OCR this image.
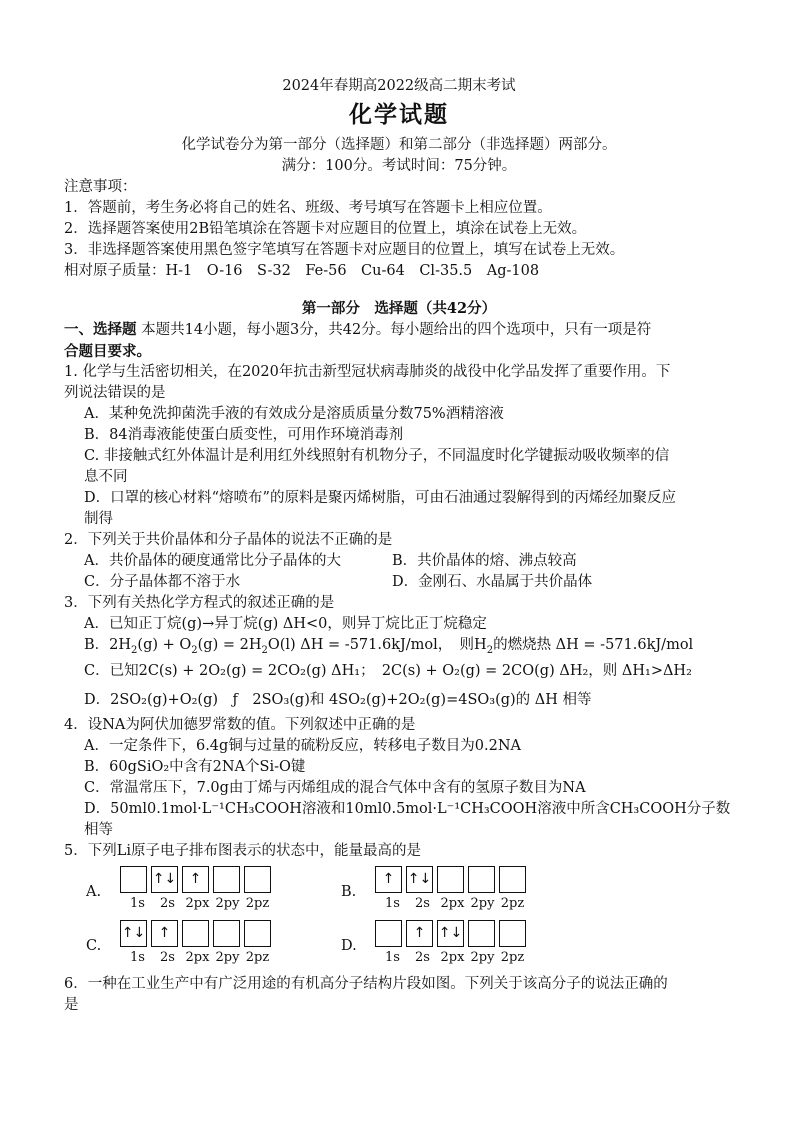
2024年春期高2022级高二期末考试
化学试题
化学试卷分为第一部分（选择题）和第二部分（非选择题）两部分。
满分：100分。考试时间：75分钟。
注意事项：
1．答题前，考生务必将自己的姓名、班级、考号填写在答题卡上相应位置。
2．选择题答案使用2B铅笔填涂在答题卡对应题目的位置上，填涂在试卷上无效。
3．非选择题答案使用黑色签字笔填写在答题卡对应题目的位置上，填写在试卷上无效。
相对原子质量：H-1　O-16　S-32　Fe-56　Cu-64　Cl-35.5　Ag-108
第一部分　选择题（共42分）
一、选择题 本题共14小题，每小题3分，共42分。每小题给出的四个选项中，只有一项是符
合题目要求。
1. 化学与生活密切相关，在2020年抗击新型冠状病毒肺炎的战役中化学品发挥了重要作用。下
列说法错误的是
A．某种免洗抑菌洗手液的有效成分是溶质质量分数75%酒精溶液
B．84消毒液能使蛋白质变性，可用作环境消毒剂
C. 非接触式红外体温计是利用红外线照射有机物分子，不同温度时化学键振动吸收频率的信
息不同
D．口罩的核心材料“熔喷布”的原料是聚丙烯树脂，可由石油通过裂解得到的丙烯经加聚反应
制得
2．下列关于共价晶体和分子晶体的说法不正确的是
A．共价晶体的硬度通常比分子晶体的大	B．共价晶体的熔、沸点较高
C．分子晶体都不溶于水	D．金刚石、水晶属于共价晶体
3．下列有关热化学方程式的叙述正确的是
A．已知正丁烷(g)→异丁烷(g) ΔH<0，则异丁烷比正丁烷稳定
B．$2H_2(g) + O_2(g) = 2H_2O(l) \Delta H = -571.6kJ/mol$，　则$H_2$的燃烧热 ΔH = -571.6kJ/mol
C．已知2C(s) + 2O₂(g) = 2CO₂(g) ΔH₁；　2C(s) + O₂(g) = 2CO(g) ΔH₂，则 ΔH₁>ΔH₂
D．2SO₂(g)+O₂(g)　ƒ　2SO₃(g)和 4SO₂(g)+2O₂(g)=4SO₃(g)的 ΔH 相等
4．设NA为阿伏加德罗常数的值。下列叙述中正确的是
A．一定条件下，6.4g铜与过量的硫粉反应，转移电子数目为0.2NA
B．60gSiO₂中含有2NA个Si-O键
C．常温常压下，7.0g由丁烯与丙烯组成的混合气体中含有的氢原子数目为NA
D．50ml0.1mol·L⁻¹CH₃COOH溶液和10ml0.5mol·L⁻¹CH₃COOH溶液中所含CH₃COOH分子数
相等
5．下列Li原子电子排布图表示的状态中，能量最高的是
A.
↑↓ ↑
1s	2s 2px 2py 2pz
B.
↑ ↑↓
1s	2s 2px 2py 2pz
C.
↑↓ ↑
1s	2s 2px 2py 2pz
D.
↑ ↑↓
1s	2s 2px 2py 2pz
6．一种在工业生产中有广泛用途的有机高分子结构片段如图。下列关于该高分子的说法正确的
是
